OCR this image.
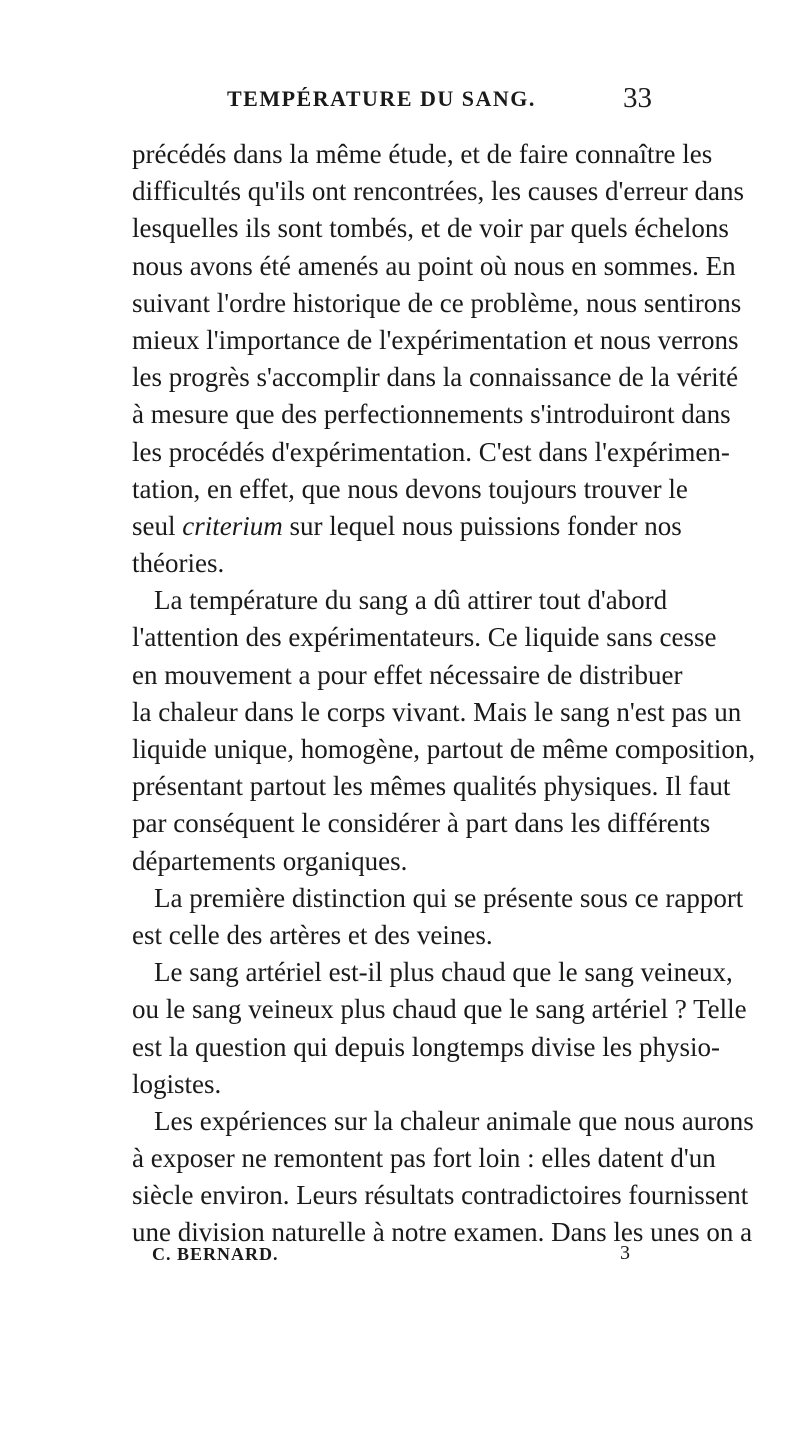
TEMPÉRATURE DU SANG.	33
précédés dans la même étude, et de faire connaître les
difficultés qu'ils ont rencontrées, les causes d'erreur dans
lesquelles ils sont tombés, et de voir par quels échelons
nous avons été amenés au point où nous en sommes. En
suivant l'ordre historique de ce problème, nous sentirons
mieux l'importance de l'expérimentation et nous verrons
les progrès s'accomplir dans la connaissance de la vérité
à mesure que des perfectionnements s'introduiront dans
les procédés d'expérimentation. C'est dans l'expérimen-
tation, en effet, que nous devons toujours trouver le
seul criterium sur lequel nous puissions fonder nos
théories.
La température du sang a dû attirer tout d'abord
l'attention des expérimentateurs. Ce liquide sans cesse
en mouvement a pour effet nécessaire de distribuer
la chaleur dans le corps vivant. Mais le sang n'est pas un
liquide unique, homogène, partout de même composition,
présentant partout les mêmes qualités physiques. Il faut
par conséquent le considérer à part dans les différents
départements organiques.
La première distinction qui se présente sous ce rapport
est celle des artères et des veines.
Le sang artériel est-il plus chaud que le sang veineux,
ou le sang veineux plus chaud que le sang artériel ? Telle
est la question qui depuis longtemps divise les physio-
logistes.
Les expériences sur la chaleur animale que nous aurons
à exposer ne remontent pas fort loin : elles datent d'un
siècle environ. Leurs résultats contradictoires fournissent
une division naturelle à notre examen. Dans les unes on a
C. BERNARD.	3
